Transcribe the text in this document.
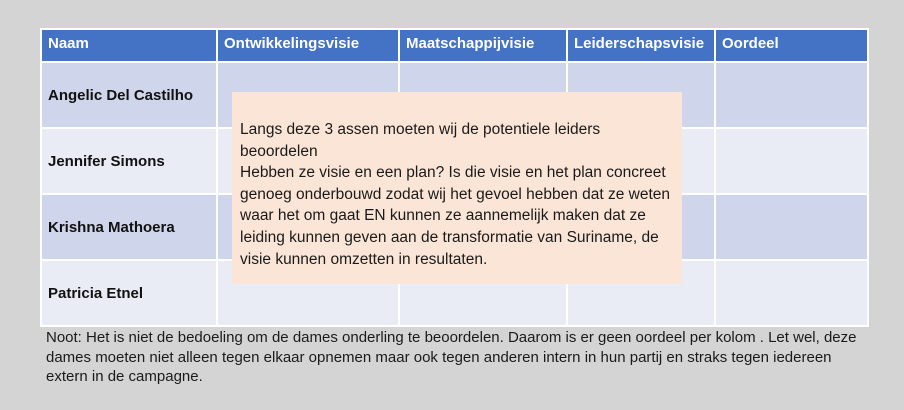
Naam	Ontwikkelingsvisie	Maatschappijvisie	Leiderschapsvisie	Oordeel
Angelic Del Castilho				
Jennifer Simons				
Krishna Mathoera				
Patricia Etnel				

Langs deze 3 assen moeten wij de potentiele leiders beoordelen

Hebben ze visie en een plan? Is die visie en het plan concreet genoeg onderbouwd zodat wij het gevoel hebben dat ze weten waar het om gaat EN kunnen ze aannemelijk maken dat ze leiding kunnen geven aan de transformatie van Suriname, de visie kunnen omzetten in resultaten.

Noot: Het is niet de bedoeling om de dames onderling te beoordelen. Daarom is er geen oordeel per kolom . Let wel, deze dames moeten niet alleen tegen elkaar opnemen maar ook tegen anderen intern in hun partij en straks tegen iedereen extern in de campagne.
